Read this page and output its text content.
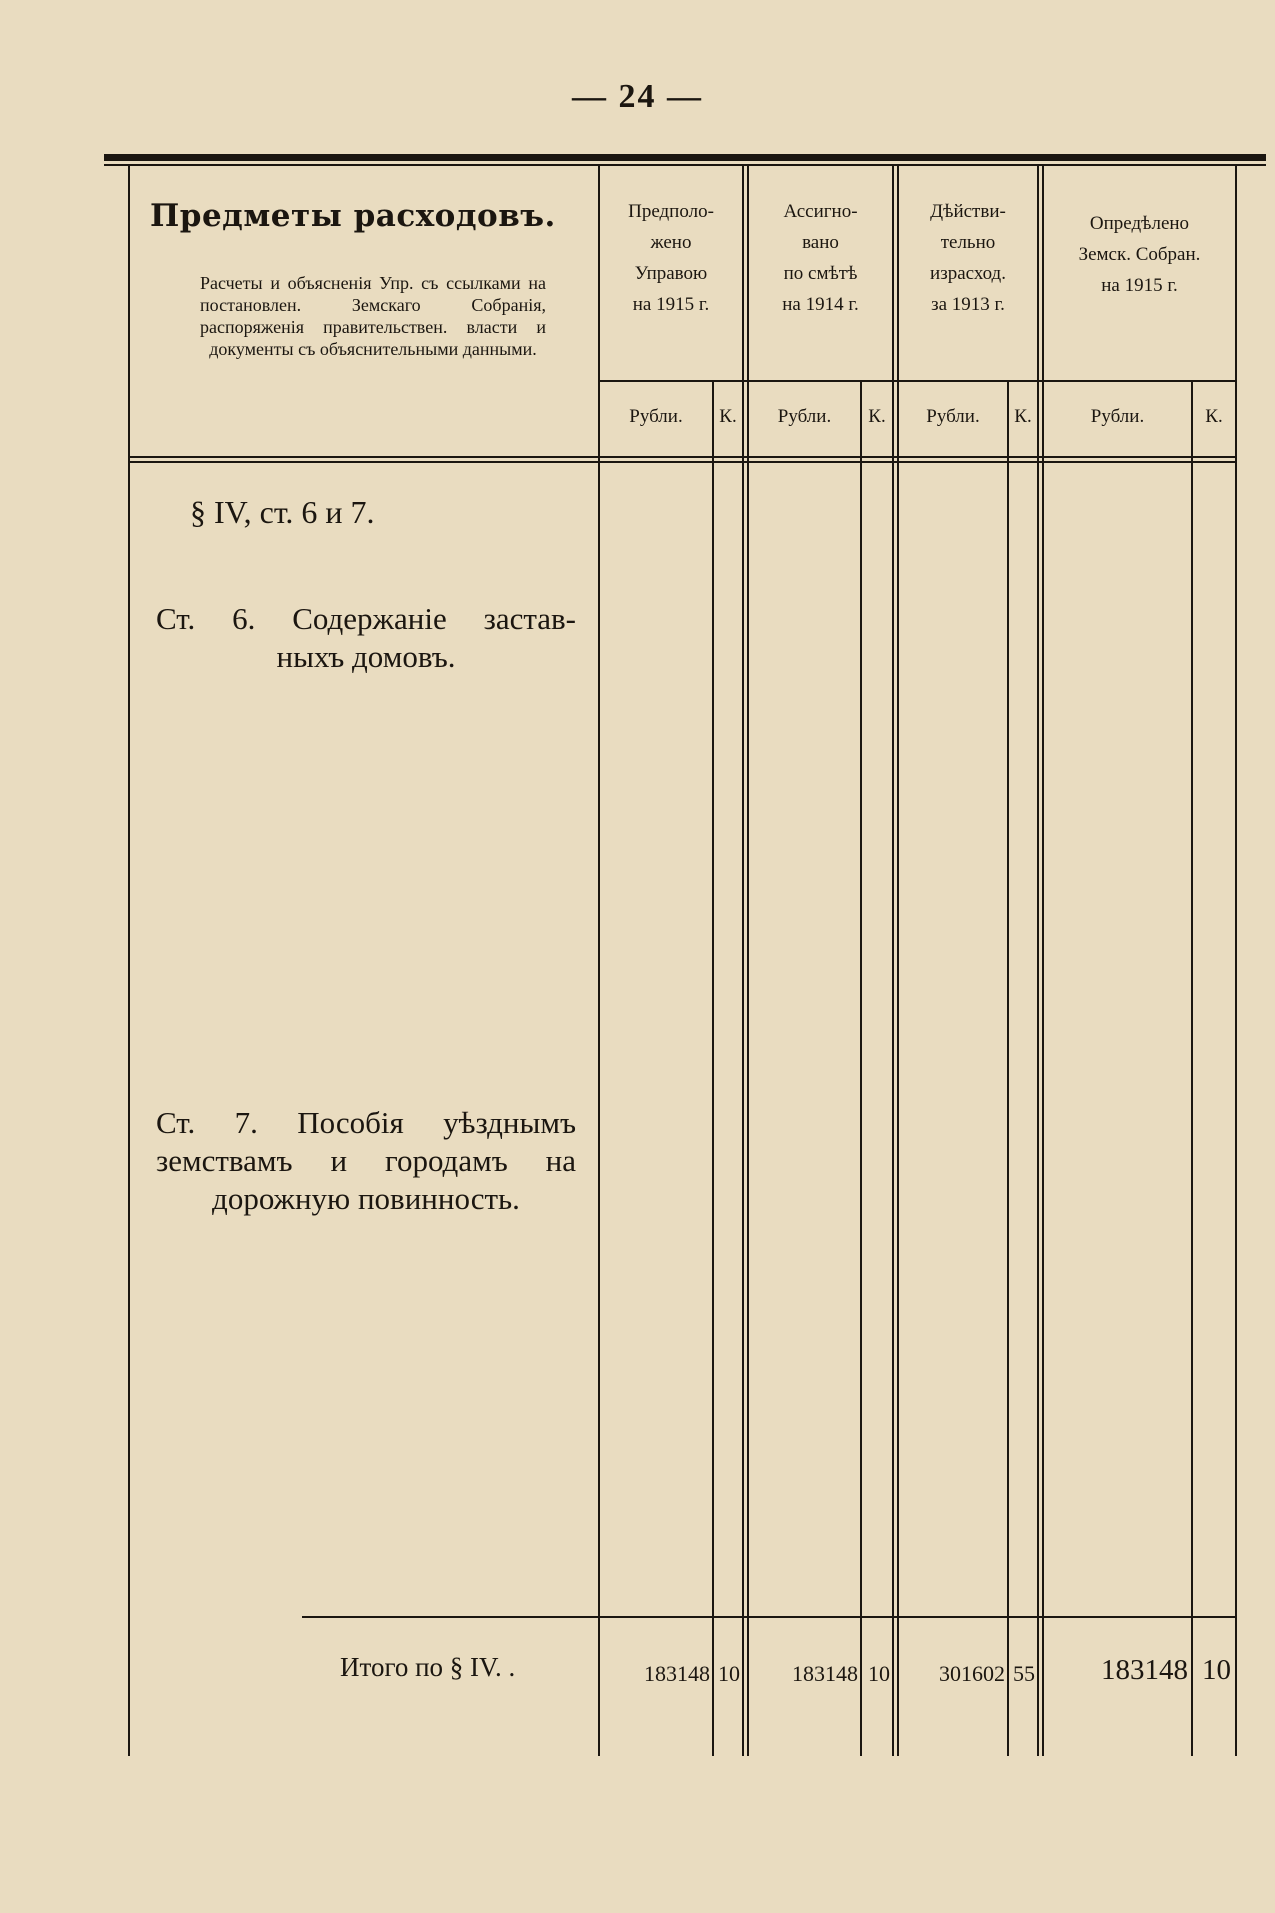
— 24 —
Предметы расходовъ.
Расчеты и объясненія Упр. съ ссылками на постановлен. Земскаго Собранія, распоряженія правительствен. власти и документы съ объяснительными данными.
Предполо-
жено
Управою
на 1915 г.
Ассигно-
вано
по смѣтѣ
на 1914 г.
Дѣйстви-
тельно
израсход.
за 1913 г.
Опредѣлено
Земск. Собран.
на 1915 г.
Рубли.	К.	Рубли.	К.	Рубли.	К.	Рубли.	К.
§ IV, ст. 6 и 7.
Ст. 6. Содержаніе застав-
ныхъ домовъ.
Ст. 7. Пособія уѣзднымъ
земствамъ и городамъ на
дорожную повинность.
Итого по § IV. .	183148 10	183148 10	301602 55	183148 10
